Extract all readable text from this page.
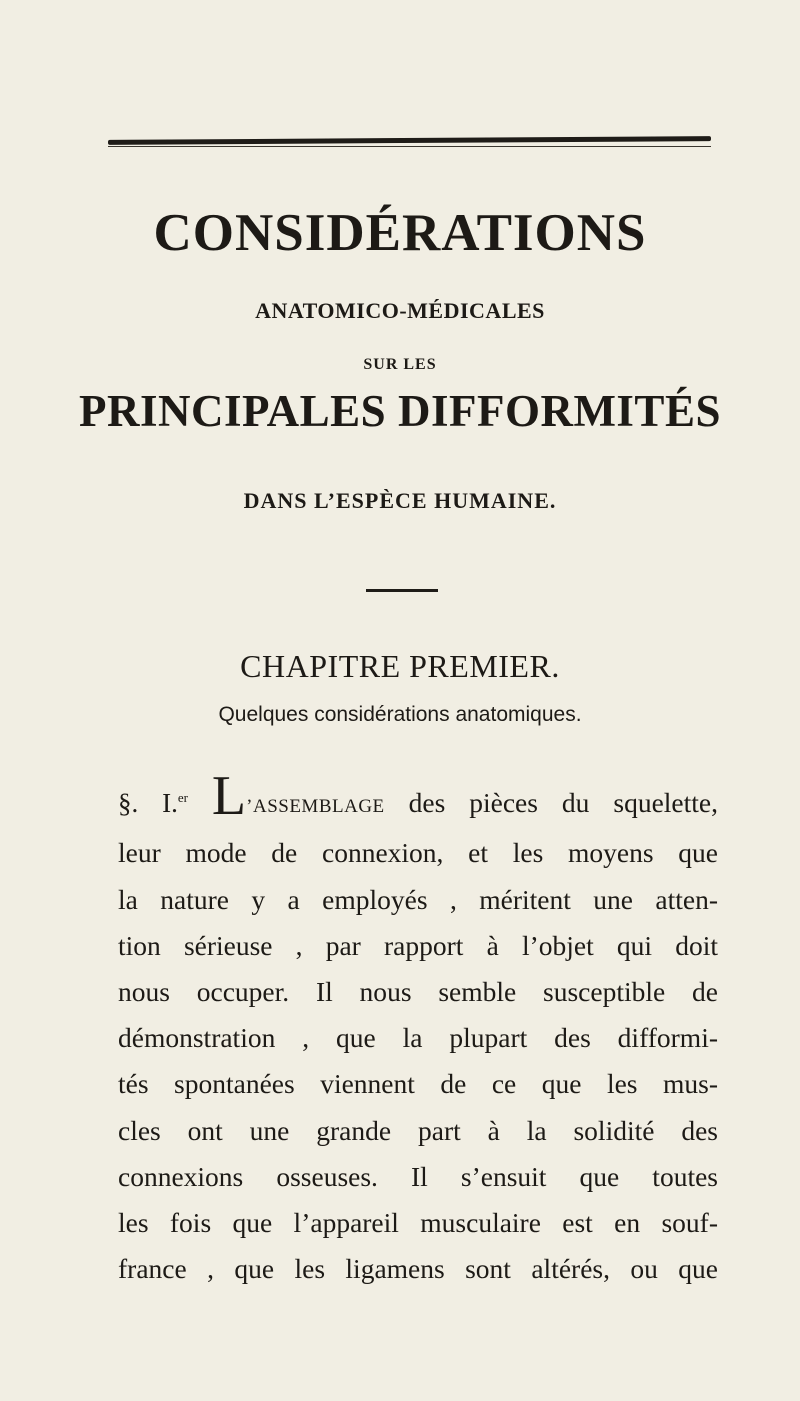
CONSIDÉRATIONS
ANATOMICO-MÉDICALES
SUR LES
PRINCIPALES DIFFORMITÉS
DANS L’ESPÈCE HUMAINE.
CHAPITRE PREMIER.
Quelques considérations anatomiques.
§. I.$^{er}$ L’ASSEMBLAGE des pièces du squelette,
leur mode de connexion, et les moyens que
la nature y a employés , méritent une atten-
tion sérieuse , par rapport à l’objet qui doit
nous occuper. Il nous semble susceptible de
démonstration , que la plupart des difformi-
tés spontanées viennent de ce que les mus-
cles ont une grande part à la solidité des
connexions osseuses. Il s’ensuit que toutes
les fois que l’appareil musculaire est en souf-
france , que les ligamens sont altérés, ou que
